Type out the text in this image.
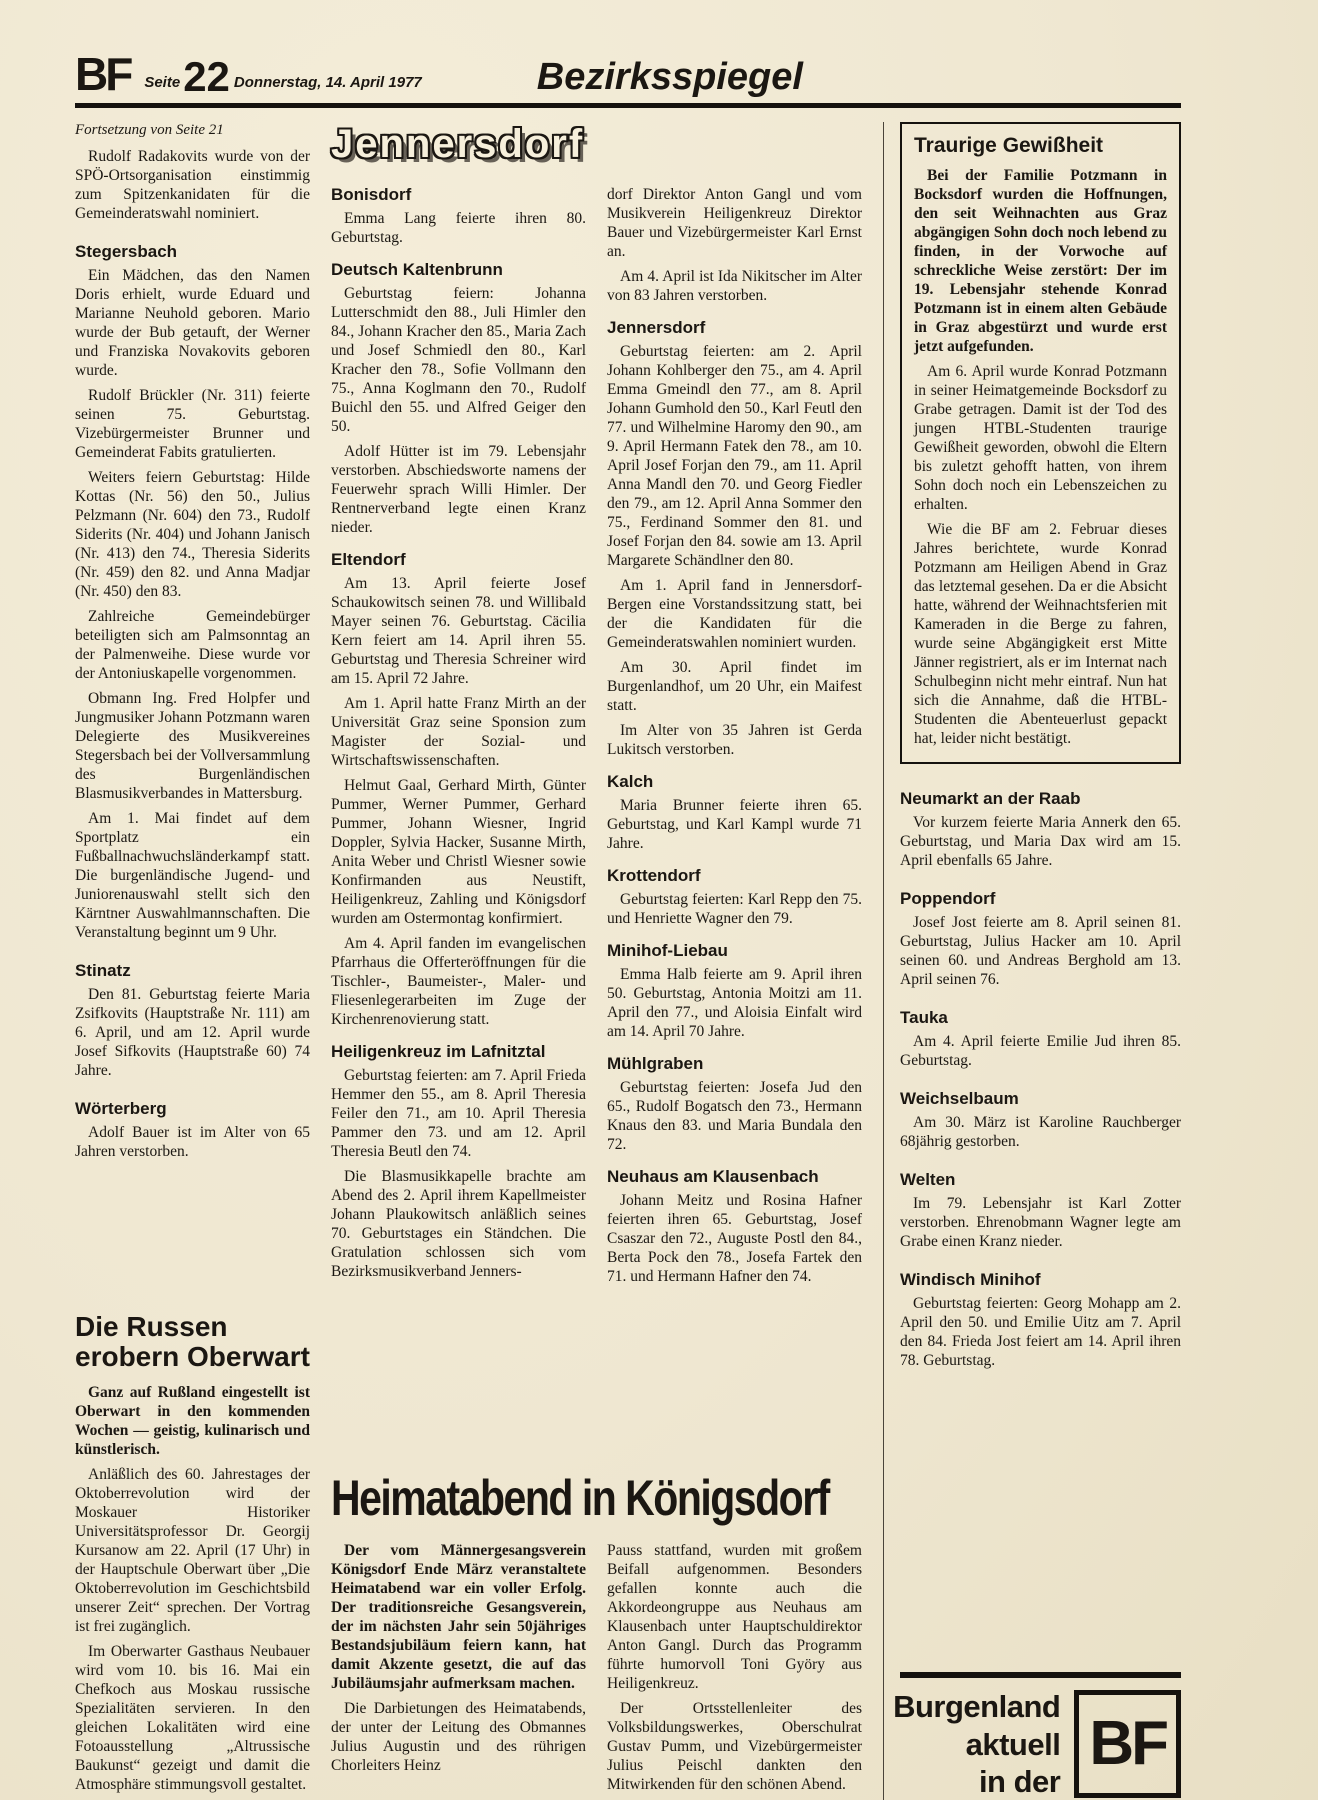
BF Seite 22 Donnerstag, 14. April 1977	Bezirksspiegel

Fortsetzung von Seite 21

Rudolf Radakovits wurde von der SPÖ-Ortsorganisation einstimmig zum Spitzenkanidaten für die Gemeinderatswahl nominiert.

Stegersbach

Ein Mädchen, das den Namen Doris erhielt, wurde Eduard und Marianne Neuhold geboren. Mario wurde der Bub getauft, der Werner und Franziska Novakovits geboren wurde.

Rudolf Brückler (Nr. 311) feierte seinen 75. Geburtstag. Vizebürgermeister Brunner und Gemeinderat Fabits gratulierten.

Weiters feiern Geburtstag: Hilde Kottas (Nr. 56) den 50., Julius Pelzmann (Nr. 604) den 73., Rudolf Siderits (Nr. 404) und Johann Janisch (Nr. 413) den 74., Theresia Siderits (Nr. 459) den 82. und Anna Madjar (Nr. 450) den 83.

Zahlreiche Gemeindebürger beteiligten sich am Palmsonntag an der Palmenweihe. Diese wurde vor der Antoniuskapelle vorgenommen.

Obmann Ing. Fred Holpfer und Jungmusiker Johann Potzmann waren Delegierte des Musikvereines Stegersbach bei der Vollversammlung des Burgenländischen Blasmusikverbandes in Mattersburg.

Am 1. Mai findet auf dem Sportplatz ein Fußballnachwuchsländerkampf statt. Die burgenländische Jugend- und Juniorenauswahl stellt sich den Kärntner Auswahlmannschaften. Die Veranstaltung beginnt um 9 Uhr.

Stinatz

Den 81. Geburtstag feierte Maria Zsifkovits (Hauptstraße Nr. 111) am 6. April, und am 12. April wurde Josef Sifkovits (Hauptstraße 60) 74 Jahre.

Wörterberg

Adolf Bauer ist im Alter von 65 Jahren verstorben.

Die Russen erobern Oberwart

Ganz auf Rußland eingestellt ist Oberwart in den kommenden Wochen — geistig, kulinarisch und künstlerisch.

Anläßlich des 60. Jahrestages der Oktoberrevolution wird der Moskauer Historiker Universitätsprofessor Dr. Georgij Kursanow am 22. April (17 Uhr) in der Hauptschule Oberwart über „Die Oktoberrevolution im Geschichtsbild unserer Zeit“ sprechen. Der Vortrag ist frei zugänglich.

Im Oberwarter Gasthaus Neubauer wird vom 10. bis 16. Mai ein Chefkoch aus Moskau russische Spezialitäten servieren. In den gleichen Lokalitäten wird eine Fotoausstellung „Altrussische Baukunst“ gezeigt und damit die Atmosphäre stimmungsvoll gestaltet.

Jennersdorf
Bonisdorf

Emma Lang feierte ihren 80. Geburtstag.

Deutsch Kaltenbrunn

Geburtstag feiern: Johanna Lutterschmidt den 88., Juli Himler den 84., Johann Kracher den 85., Maria Zach und Josef Schmiedl den 80., Karl Kracher den 78., Sofie Vollmann den 75., Anna Koglmann den 70., Rudolf Buichl den 55. und Alfred Geiger den 50.

Adolf Hütter ist im 79. Lebensjahr verstorben. Abschiedsworte namens der Feuerwehr sprach Willi Himler. Der Rentnerverband legte einen Kranz nieder.

Eltendorf

Am 13. April feierte Josef Schaukowitsch seinen 78. und Willibald Mayer seinen 76. Geburtstag. Cäcilia Kern feiert am 14. April ihren 55. Geburtstag und Theresia Schreiner wird am 15. April 72 Jahre.

Am 1. April hatte Franz Mirth an der Universität Graz seine Sponsion zum Magister der Sozial- und Wirtschaftswissenschaften.

Helmut Gaal, Gerhard Mirth, Günter Pummer, Werner Pummer, Gerhard Pummer, Johann Wiesner, Ingrid Doppler, Sylvia Hacker, Susanne Mirth, Anita Weber und Christl Wiesner sowie Konfirmanden aus Neustift, Heiligenkreuz, Zahling und Königsdorf wurden am Ostermontag konfirmiert.

Am 4. April fanden im evangelischen Pfarrhaus die Offerteröffnungen für die Tischler-, Baumeister-, Maler- und Fliesenlegerarbeiten im Zuge der Kirchenrenovierung statt.

Heiligenkreuz im Lafnitztal

Geburtstag feierten: am 7. April Frieda Hemmer den 55., am 8. April Theresia Feiler den 71., am 10. April Theresia Pammer den 73. und am 12. April Theresia Beutl den 74.

Die Blasmusikkapelle brachte am Abend des 2. April ihrem Kapellmeister Johann Plaukowitsch anläßlich seines 70. Geburtstages ein Ständchen. Die Gratulation schlossen sich vom Bezirksmusikverband Jenners-

dorf Direktor Anton Gangl und vom Musikverein Heiligenkreuz Direktor Bauer und Vizebürgermeister Karl Ernst an.

Am 4. April ist Ida Nikitscher im Alter von 83 Jahren verstorben.

Jennersdorf

Geburtstag feierten: am 2. April Johann Kohlberger den 75., am 4. April Emma Gmeindl den 77., am 8. April Johann Gumhold den 50., Karl Feutl den 77. und Wilhelmine Haromy den 90., am 9. April Hermann Fatek den 78., am 10. April Josef Forjan den 79., am 11. April Anna Mandl den 70. und Georg Fiedler den 79., am 12. April Anna Sommer den 75., Ferdinand Sommer den 81. und Josef Forjan den 84. sowie am 13. April Margarete Schändlner den 80.

Am 1. April fand in Jennersdorf-Bergen eine Vorstandssitzung statt, bei der die Kandidaten für die Gemeinderatswahlen nominiert wurden.

Am 30. April findet im Burgenlandhof, um 20 Uhr, ein Maifest statt.

Im Alter von 35 Jahren ist Gerda Lukitsch verstorben.

Kalch

Maria Brunner feierte ihren 65. Geburtstag, und Karl Kampl wurde 71 Jahre.

Krottendorf

Geburtstag feierten: Karl Repp den 75. und Henriette Wagner den 79.

Minihof-Liebau

Emma Halb feierte am 9. April ihren 50. Geburtstag, Antonia Moitzi am 11. April den 77., und Aloisia Einfalt wird am 14. April 70 Jahre.

Mühlgraben

Geburtstag feierten: Josefa Jud den 65., Rudolf Bogatsch den 73., Hermann Knaus den 83. und Maria Bundala den 72.

Neuhaus am Klausenbach

Johann Meitz und Rosina Hafner feierten ihren 65. Geburtstag, Josef Csaszar den 72., Auguste Postl den 84., Berta Pock den 78., Josefa Fartek den 71. und Hermann Hafner den 74.

Heimatabend in Königsdorf

Der vom Männergesangsverein Königsdorf Ende März veranstaltete Heimatabend war ein voller Erfolg. Der traditionsreiche Gesangsverein, der im nächsten Jahr sein 50jähriges Bestandsjubiläum feiern kann, hat damit Akzente gesetzt, die auf das Jubiläumsjahr aufmerksam machen.

Die Darbietungen des Heimatabends, der unter der Leitung des Obmannes Julius Augustin und des rührigen Chorleiters Heinz

Pauss stattfand, wurden mit großem Beifall aufgenommen. Besonders gefallen konnte auch die Akkordeongruppe aus Neuhaus am Klausenbach unter Hauptschuldirektor Anton Gangl. Durch das Programm führte humorvoll Toni Györy aus Heiligenkreuz.

Der Ortsstellenleiter des Volksbildungswerkes, Oberschulrat Gustav Pumm, und Vizebürgermeister Julius Peischl dankten den Mitwirkenden für den schönen Abend.

Traurige Gewißheit

Bei der Familie Potzmann in Bocksdorf wurden die Hoffnungen, den seit Weihnachten aus Graz abgängigen Sohn doch noch lebend zu finden, in der Vorwoche auf schreckliche Weise zerstört: Der im 19. Lebensjahr stehende Konrad Potzmann ist in einem alten Gebäude in Graz abgestürzt und wurde erst jetzt aufgefunden.

Am 6. April wurde Konrad Potzmann in seiner Heimatgemeinde Bocksdorf zu Grabe getragen. Damit ist der Tod des jungen HTBL-Studenten traurige Gewißheit geworden, obwohl die Eltern bis zuletzt gehofft hatten, von ihrem Sohn doch noch ein Lebenszeichen zu erhalten.

Wie die BF am 2. Februar dieses Jahres berichtete, wurde Konrad Potzmann am Heiligen Abend in Graz das letztemal gesehen. Da er die Absicht hatte, während der Weihnachtsferien mit Kameraden in die Berge zu fahren, wurde seine Abgängigkeit erst Mitte Jänner registriert, als er im Internat nach Schulbeginn nicht mehr eintraf. Nun hat sich die Annahme, daß die HTBL-Studenten die Abenteuerlust gepackt hat, leider nicht bestätigt.

Neumarkt an der Raab

Vor kurzem feierte Maria Annerk den 65. Geburtstag, und Maria Dax wird am 15. April ebenfalls 65 Jahre.

Poppendorf

Josef Jost feierte am 8. April seinen 81. Geburtstag, Julius Hacker am 10. April seinen 60. und Andreas Berghold am 13. April seinen 76.

Tauka

Am 4. April feierte Emilie Jud ihren 85. Geburtstag.

Weichselbaum

Am 30. März ist Karoline Rauchberger 68jährig gestorben.

Welten

Im 79. Lebensjahr ist Karl Zotter verstorben. Ehrenobmann Wagner legte am Grabe einen Kranz nieder.

Windisch Minihof

Geburtstag feierten: Georg Mohapp am 2. April den 50. und Emilie Uitz am 7. April den 84. Frieda Jost feiert am 14. April ihren 78. Geburtstag.

Burgenland
aktuell
in der
BF
